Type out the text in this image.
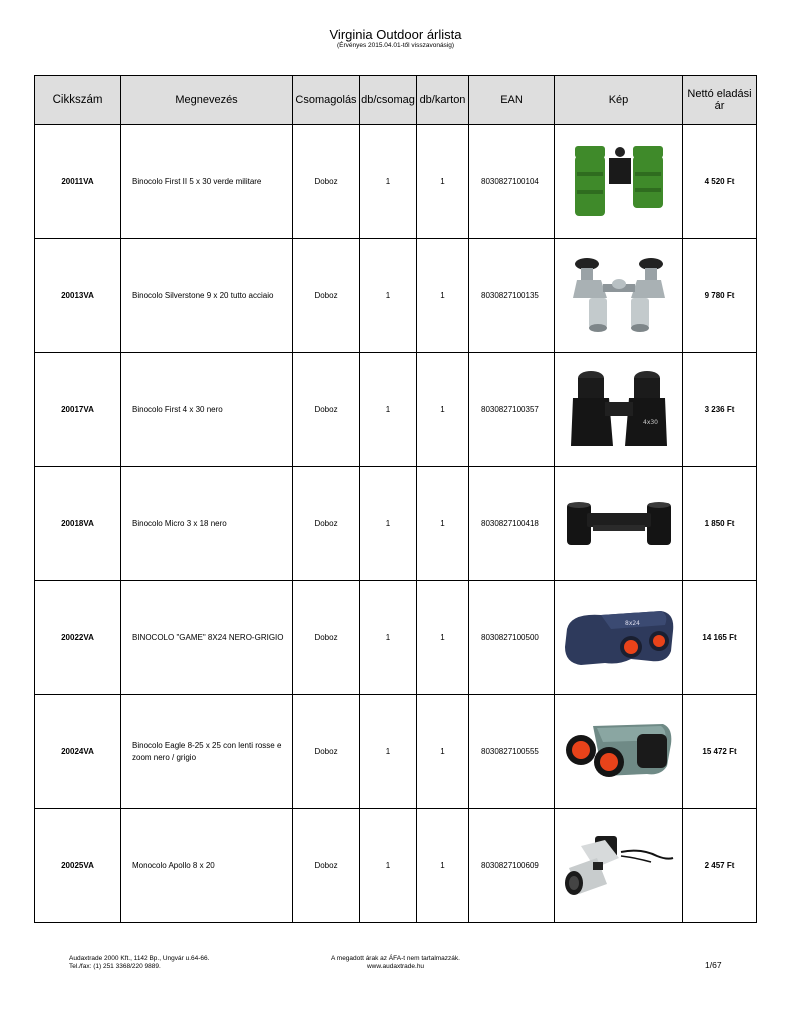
Virginia Outdoor árlista
(Érvényes 2015.04.01-től visszavonásig)
Cikkszám	Megnevezés	Csomagolás	db/csomag	db/karton	EAN	Kép	Nettó eladási ár
20011VA	Binocolo First II 5 x 30 verde militare	Doboz	1	1	8030827100104		4 520 Ft
20013VA	Binocolo Silverstone 9 x 20 tutto acciaio	Doboz	1	1	8030827100135		9 780 Ft
20017VA	Binocolo First 4 x 30 nero	Doboz	1	1	8030827100357	4x30	3 236 Ft
20018VA	Binocolo Micro 3 x 18 nero	Doboz	1	1	8030827100418		1 850 Ft
20022VA	BINOCOLO "GAME" 8X24 NERO-GRIGIO	Doboz	1	1	8030827100500	8x24	14 165 Ft
20024VA	Binocolo Eagle 8-25 x 25 con lenti rosse e zoom nero / grigio	Doboz	1	1	8030827100555		15 472 Ft
20025VA	Monocolo Apollo 8 x 20	Doboz	1	1	8030827100609		2 457 Ft
Audaxtrade 2000 Kft., 1142 Bp., Ungvár u.64-66.
Tel./fax: (1) 251 3368/220 9889.
A megadott árak az ÁFA-t nem tartalmazzák.
www.audaxtrade.hu	1/67
